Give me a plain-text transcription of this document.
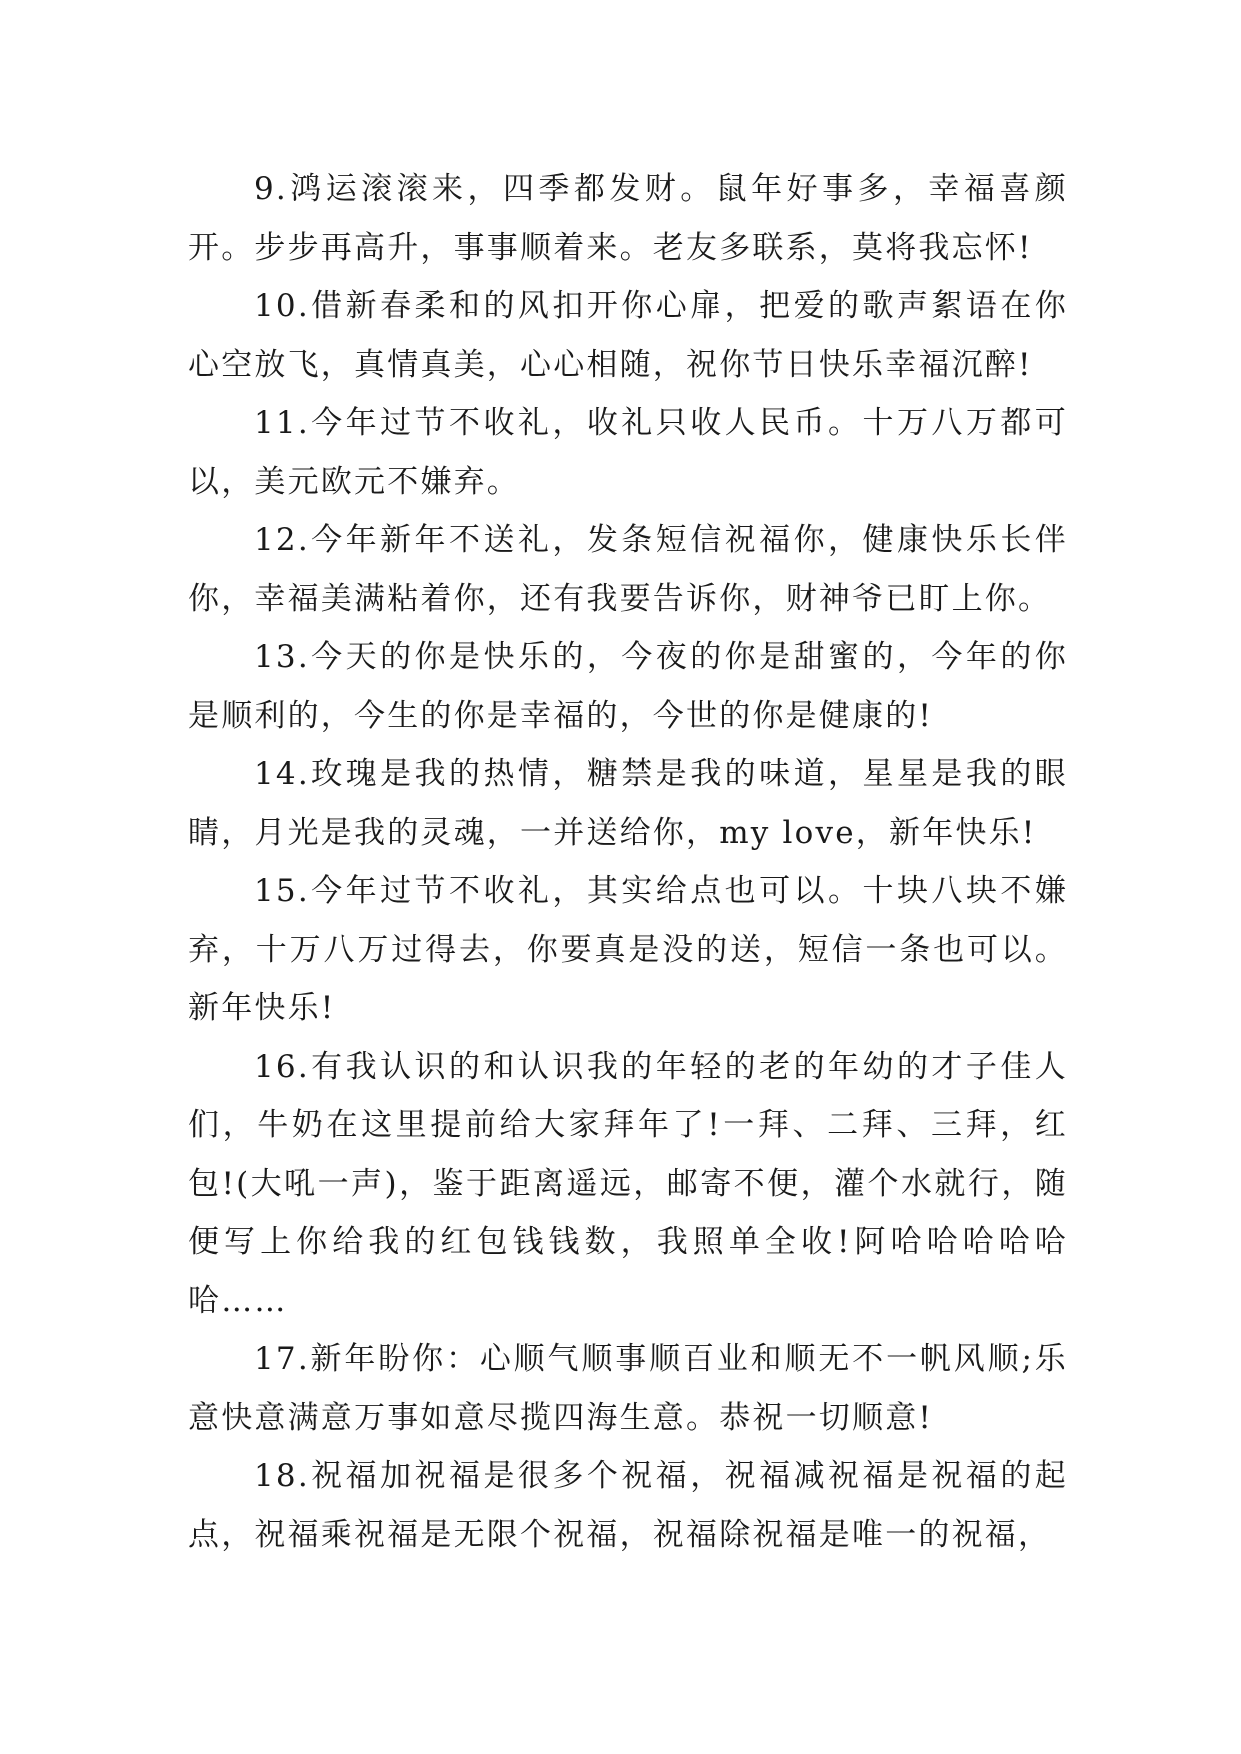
9.鸿运滚滚来，四季都发财。鼠年好事多，幸福喜颜开。步步再高升，事事顺着来。老友多联系，莫将我忘怀!

10.借新春柔和的风扣开你心扉，把爱的歌声絮语在你心空放飞，真情真美，心心相随，祝你节日快乐幸福沉醉!

11.今年过节不收礼，收礼只收人民币。十万八万都可以，美元欧元不嫌弃。

12.今年新年不送礼，发条短信祝福你，健康快乐长伴你，幸福美满粘着你，还有我要告诉你，财神爷已盯上你。

13.今天的你是快乐的，今夜的你是甜蜜的，今年的你是顺利的，今生的你是幸福的，今世的你是健康的!

14.玫瑰是我的热情，糖禁是我的味道，星星是我的眼睛，月光是我的灵魂，一并送给你，my love，新年快乐!

15.今年过节不收礼，其实给点也可以。十块八块不嫌弃，十万八万过得去，你要真是没的送，短信一条也可以。新年快乐!

16.有我认识的和认识我的年轻的老的年幼的才子佳人们，牛奶在这里提前给大家拜年了!一拜、二拜、三拜，红包!(大吼一声)，鉴于距离遥远，邮寄不便，灌个水就行，随便写上你给我的红包钱钱数，我照单全收!阿哈哈哈哈哈哈……

17.新年盼你：心顺气顺事顺百业和顺无不一帆风顺;乐意快意满意万事如意尽揽四海生意。恭祝一切顺意!

18.祝福加祝福是很多个祝福，祝福减祝福是祝福的起点，祝福乘祝福是无限个祝福，祝福除祝福是唯一的祝福，
